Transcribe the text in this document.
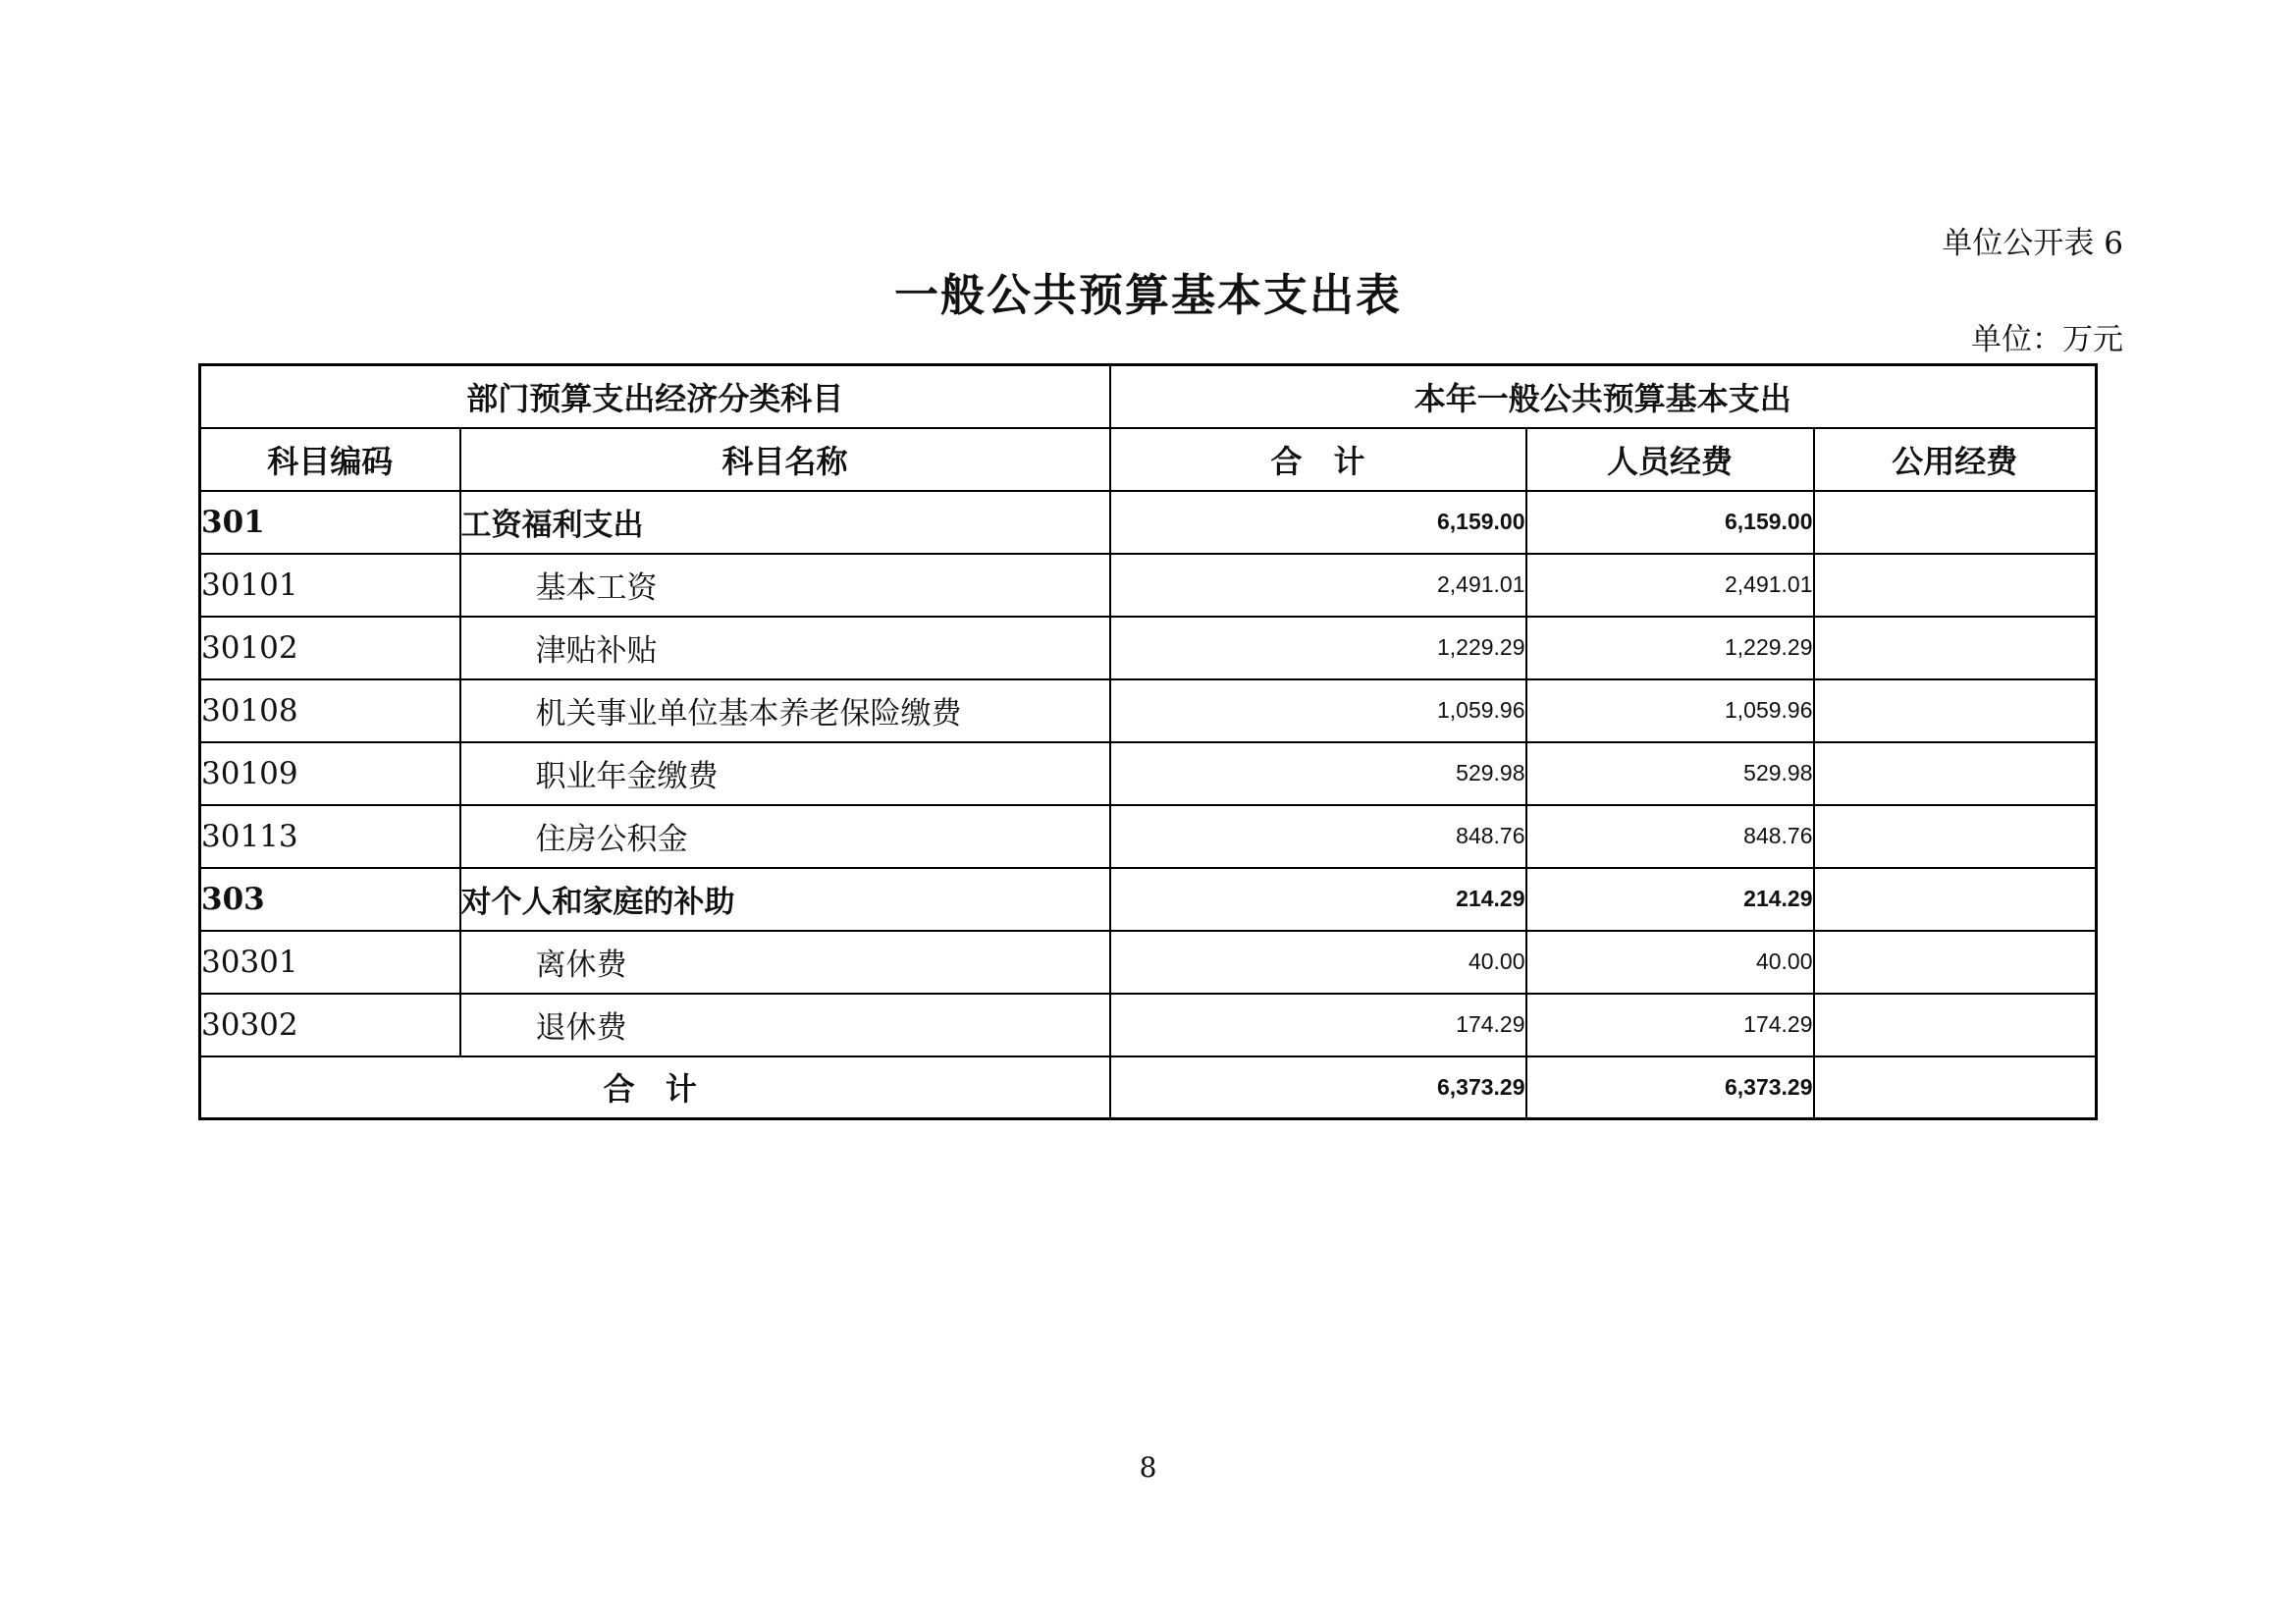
单位公开表 6
一般公共预算基本支出表
单位：万元
部门预算支出经济分类科目		本年一般公共预算基本支出		
科目编码	科目名称	合　计	人员经费	公用经费
301	工资福利支出	6,159.00	6,159.00	
30101	基本工资	2,491.01	2,491.01	
30102	津贴补贴	1,229.29	1,229.29	
30108	机关事业单位基本养老保险缴费	1,059.96	1,059.96	
30109	职业年金缴费	529.98	529.98	
30113	住房公积金	848.76	848.76	
303	对个人和家庭的补助	214.29	214.29	
30301	离休费	40.00	40.00	
30302	退休费	174.29	174.29	
合 计		6,373.29	6,373.29	
8
